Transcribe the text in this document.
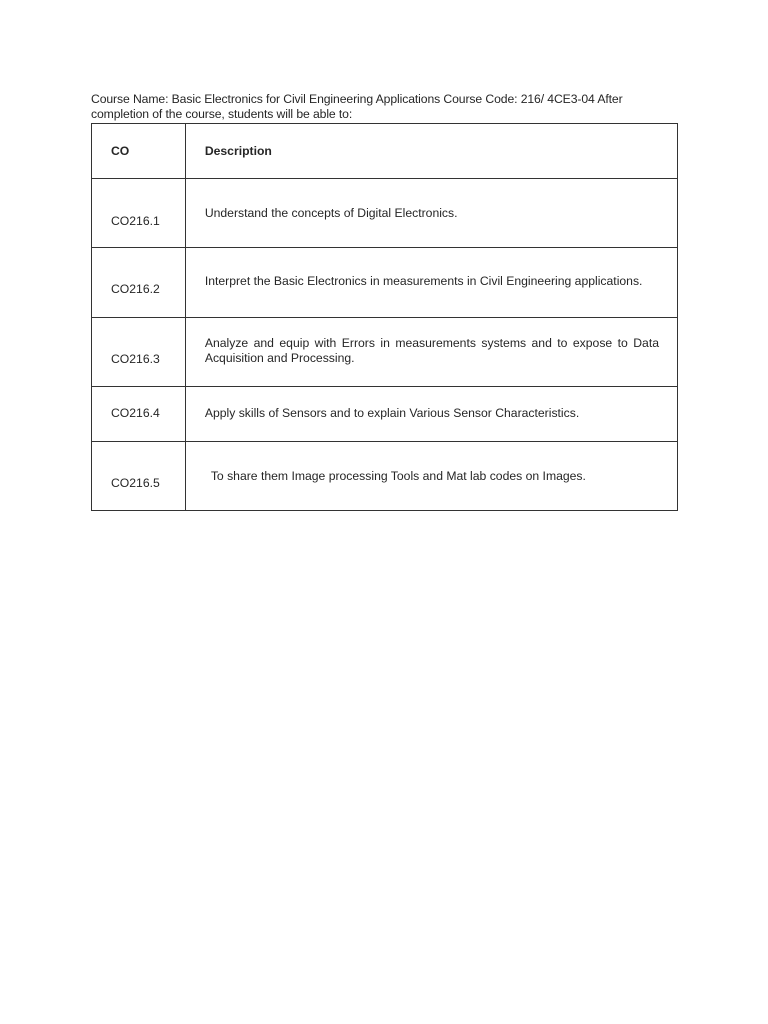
Course Name: Basic Electronics for Civil Engineering Applications Course Code: 216/ 4CE3-04 After
completion of the course, students will be able to:
CO	Description

CO216.1	Understand the concepts of Digital Electronics.

CO216.2	Interpret the Basic Electronics in measurements in Civil Engineering applications.

CO216.3	Analyze and equip with Errors in measurements systems and to expose to Data Acquisition and Processing.

CO216.4	Apply skills of Sensors and to explain Various Sensor Characteristics.

CO216.5	To share them Image processing Tools and Mat lab codes on Images.
